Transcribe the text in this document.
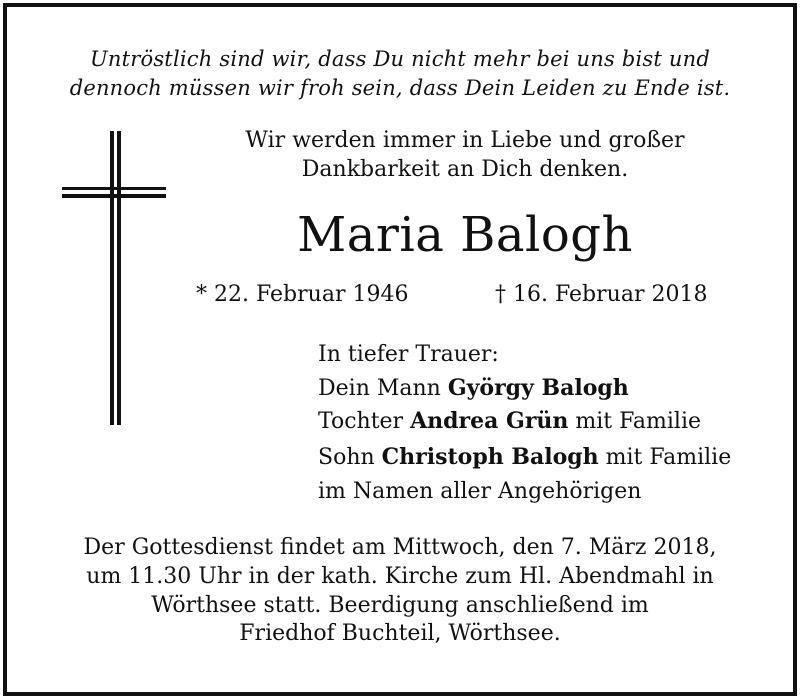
Untröstlich sind wir, dass Du nicht mehr bei uns bist und
dennoch müssen wir froh sein, dass Dein Leiden zu Ende ist.
Wir werden immer in Liebe und großer
Dankbarkeit an Dich denken.
Maria Balogh
* 22. Februar 1946	† 16. Februar 2018
In tiefer Trauer:
Dein Mann György Balogh
Tochter Andrea Grün mit Familie
Sohn Christoph Balogh mit Familie
im Namen aller Angehörigen
Der Gottesdienst findet am Mittwoch, den 7. März 2018,
um 11.30 Uhr in der kath. Kirche zum Hl. Abendmahl in
Wörthsee statt. Beerdigung anschließend im
Friedhof Buchteil, Wörthsee.
